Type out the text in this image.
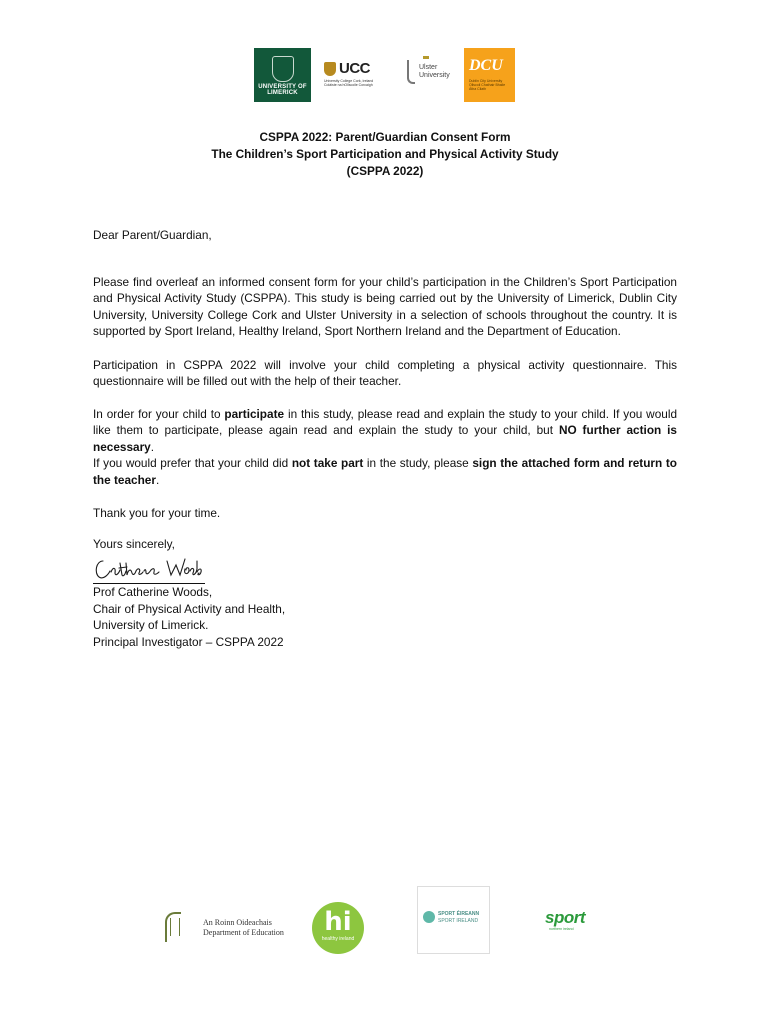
UNIVERSITY OF LIMERICK
UCC
University College Cork, Ireland Coláiste na hOllscoile Corcaigh
Ulster University
DCU
Dublin City University Ollscoil Chathair Bhaile Átha Cliath
CSPPA 2022: Parent/Guardian Consent Form
The Children’s Sport Participation and Physical Activity Study
(CSPPA 2022)

Dear Parent/Guardian,

Please find overleaf an informed consent form for your child’s participation in the Children’s Sport Participation and Physical Activity Study (CSPPA). This study is being carried out by the University of Limerick, Dublin City University, University College Cork and Ulster University in a selection of schools throughout the country. It is supported by Sport Ireland, Healthy Ireland, Sport Northern Ireland and the Department of Education.

Participation in CSPPA 2022 will involve your child completing a physical activity questionnaire. This questionnaire will be filled out with the help of their teacher.

In order for your child to participate in this study, please read and explain the study to your child. If you would like them to participate, please again read and explain the study to your child, but NO further action is necessary.

If you would prefer that your child did not take part in the study, please sign the attached form and return to the teacher.

Thank you for your time.

Yours sincerely,

Prof Catherine Woods,

Chair of Physical Activity and Health,

University of Limerick.

Principal Investigator – CSPPA 2022

An Roinn Oideachais
Department of Education	hi
healthy ireland
SPORT ÉIREANN
SPORT IRELAND	sport
northern ireland
